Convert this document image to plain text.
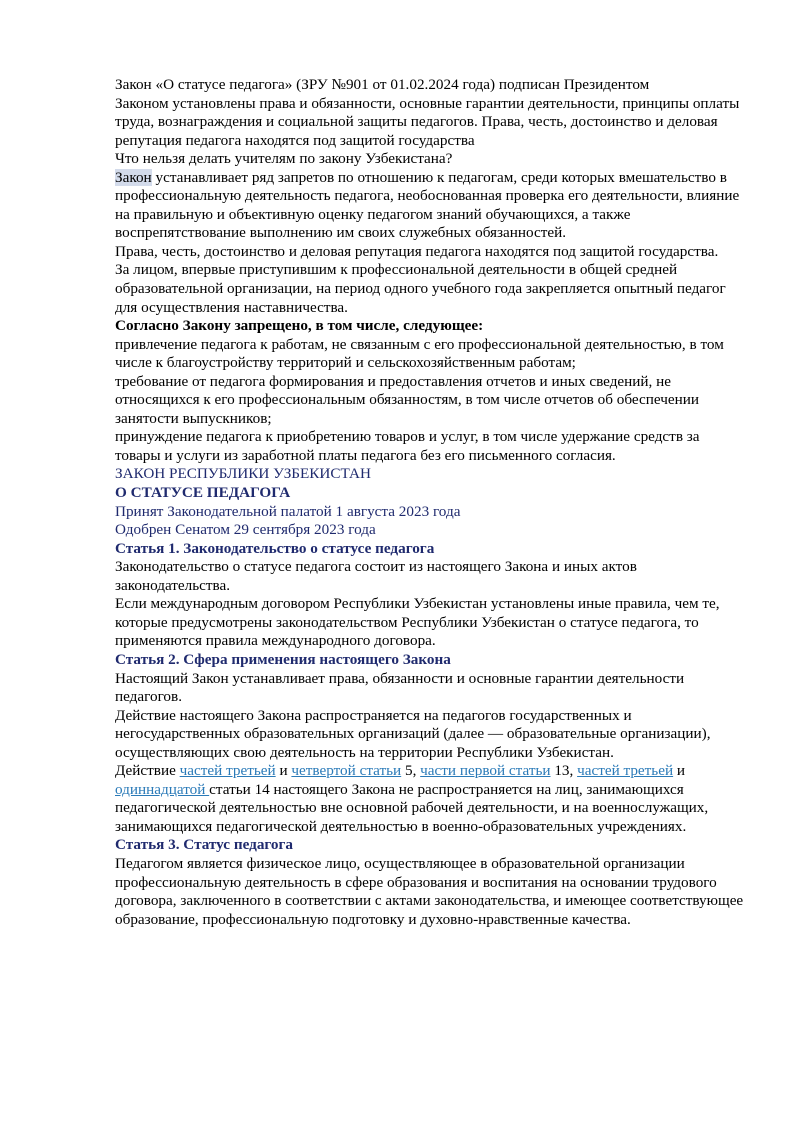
Закон «О статусе педагога» (ЗРУ №901 от 01.02.2024 года) подписан Президентом

Законом установлены права и обязанности, основные гарантии деятельности, принципы оплаты труда, вознаграждения и социальной защиты педагогов. Права, честь, достоинство и деловая репутация педагога находятся под защитой государства

Что нельзя делать учителям по закону Узбекистана?

Закон устанавливает ряд запретов по отношению к педагогам, среди которых вмешательство в профессиональную деятельность педагога, необоснованная проверка его деятельности, влияние на правильную и объективную оценку педагогом знаний обучающихся, а также воспрепятствование выполнению им своих служебных обязанностей.

Права, честь, достоинство и деловая репутация педагога находятся под защитой государства.

За лицом, впервые приступившим к профессиональной деятельности в общей средней образовательной организации, на период одного учебного года закрепляется опытный педагог для осуществления наставничества.

Согласно Закону запрещено, в том числе, следующее:

привлечение педагога к работам, не связанным с его профессиональной деятельностью, в том числе к благоустройству территорий и сельскохозяйственным работам;

требование от педагога формирования и предоставления отчетов и иных сведений, не относящихся к его профессиональным обязанностям, в том числе отчетов об обеспечении занятости выпускников;

принуждение педагога к приобретению товаров и услуг, в том числе удержание средств за товары и услуги из заработной платы педагога без его письменного согласия.

ЗАКОН РЕСПУБЛИКИ УЗБЕКИСТАН

О СТАТУСЕ ПЕДАГОГА

Принят Законодательной палатой 1 августа 2023 года

Одобрен Сенатом 29 сентября 2023 года

Статья 1. Законодательство о статусе педагога

Законодательство о статусе педагога состоит из настоящего Закона и иных актов законодательства.

Если международным договором Республики Узбекистан установлены иные правила, чем те, которые предусмотрены законодательством Республики Узбекистан о статусе педагога, то применяются правила международного договора.

Статья 2. Сфера применения настоящего Закона

Настоящий Закон устанавливает права, обязанности и основные гарантии деятельности педагогов.

Действие настоящего Закона распространяется на педагогов государственных и негосударственных образовательных организаций (далее — образовательные организации), осуществляющих свою деятельность на территории Республики Узбекистан.

Действие частей третьей и четвертой статьи 5, части первой статьи 13, частей третьей и одиннадцатой статьи 14 настоящего Закона не распространяется на лиц, занимающихся педагогической деятельностью вне основной рабочей деятельности, и на военнослужащих, занимающихся педагогической деятельностью в военно-образовательных учреждениях.

Статья 3. Статус педагога

Педагогом является физическое лицо, осуществляющее в образовательной организации профессиональную деятельность в сфере образования и воспитания на основании трудового договора, заключенного в соответствии с актами законодательства, и имеющее соответствующее образование, профессиональную подготовку и духовно-нравственные качества.
